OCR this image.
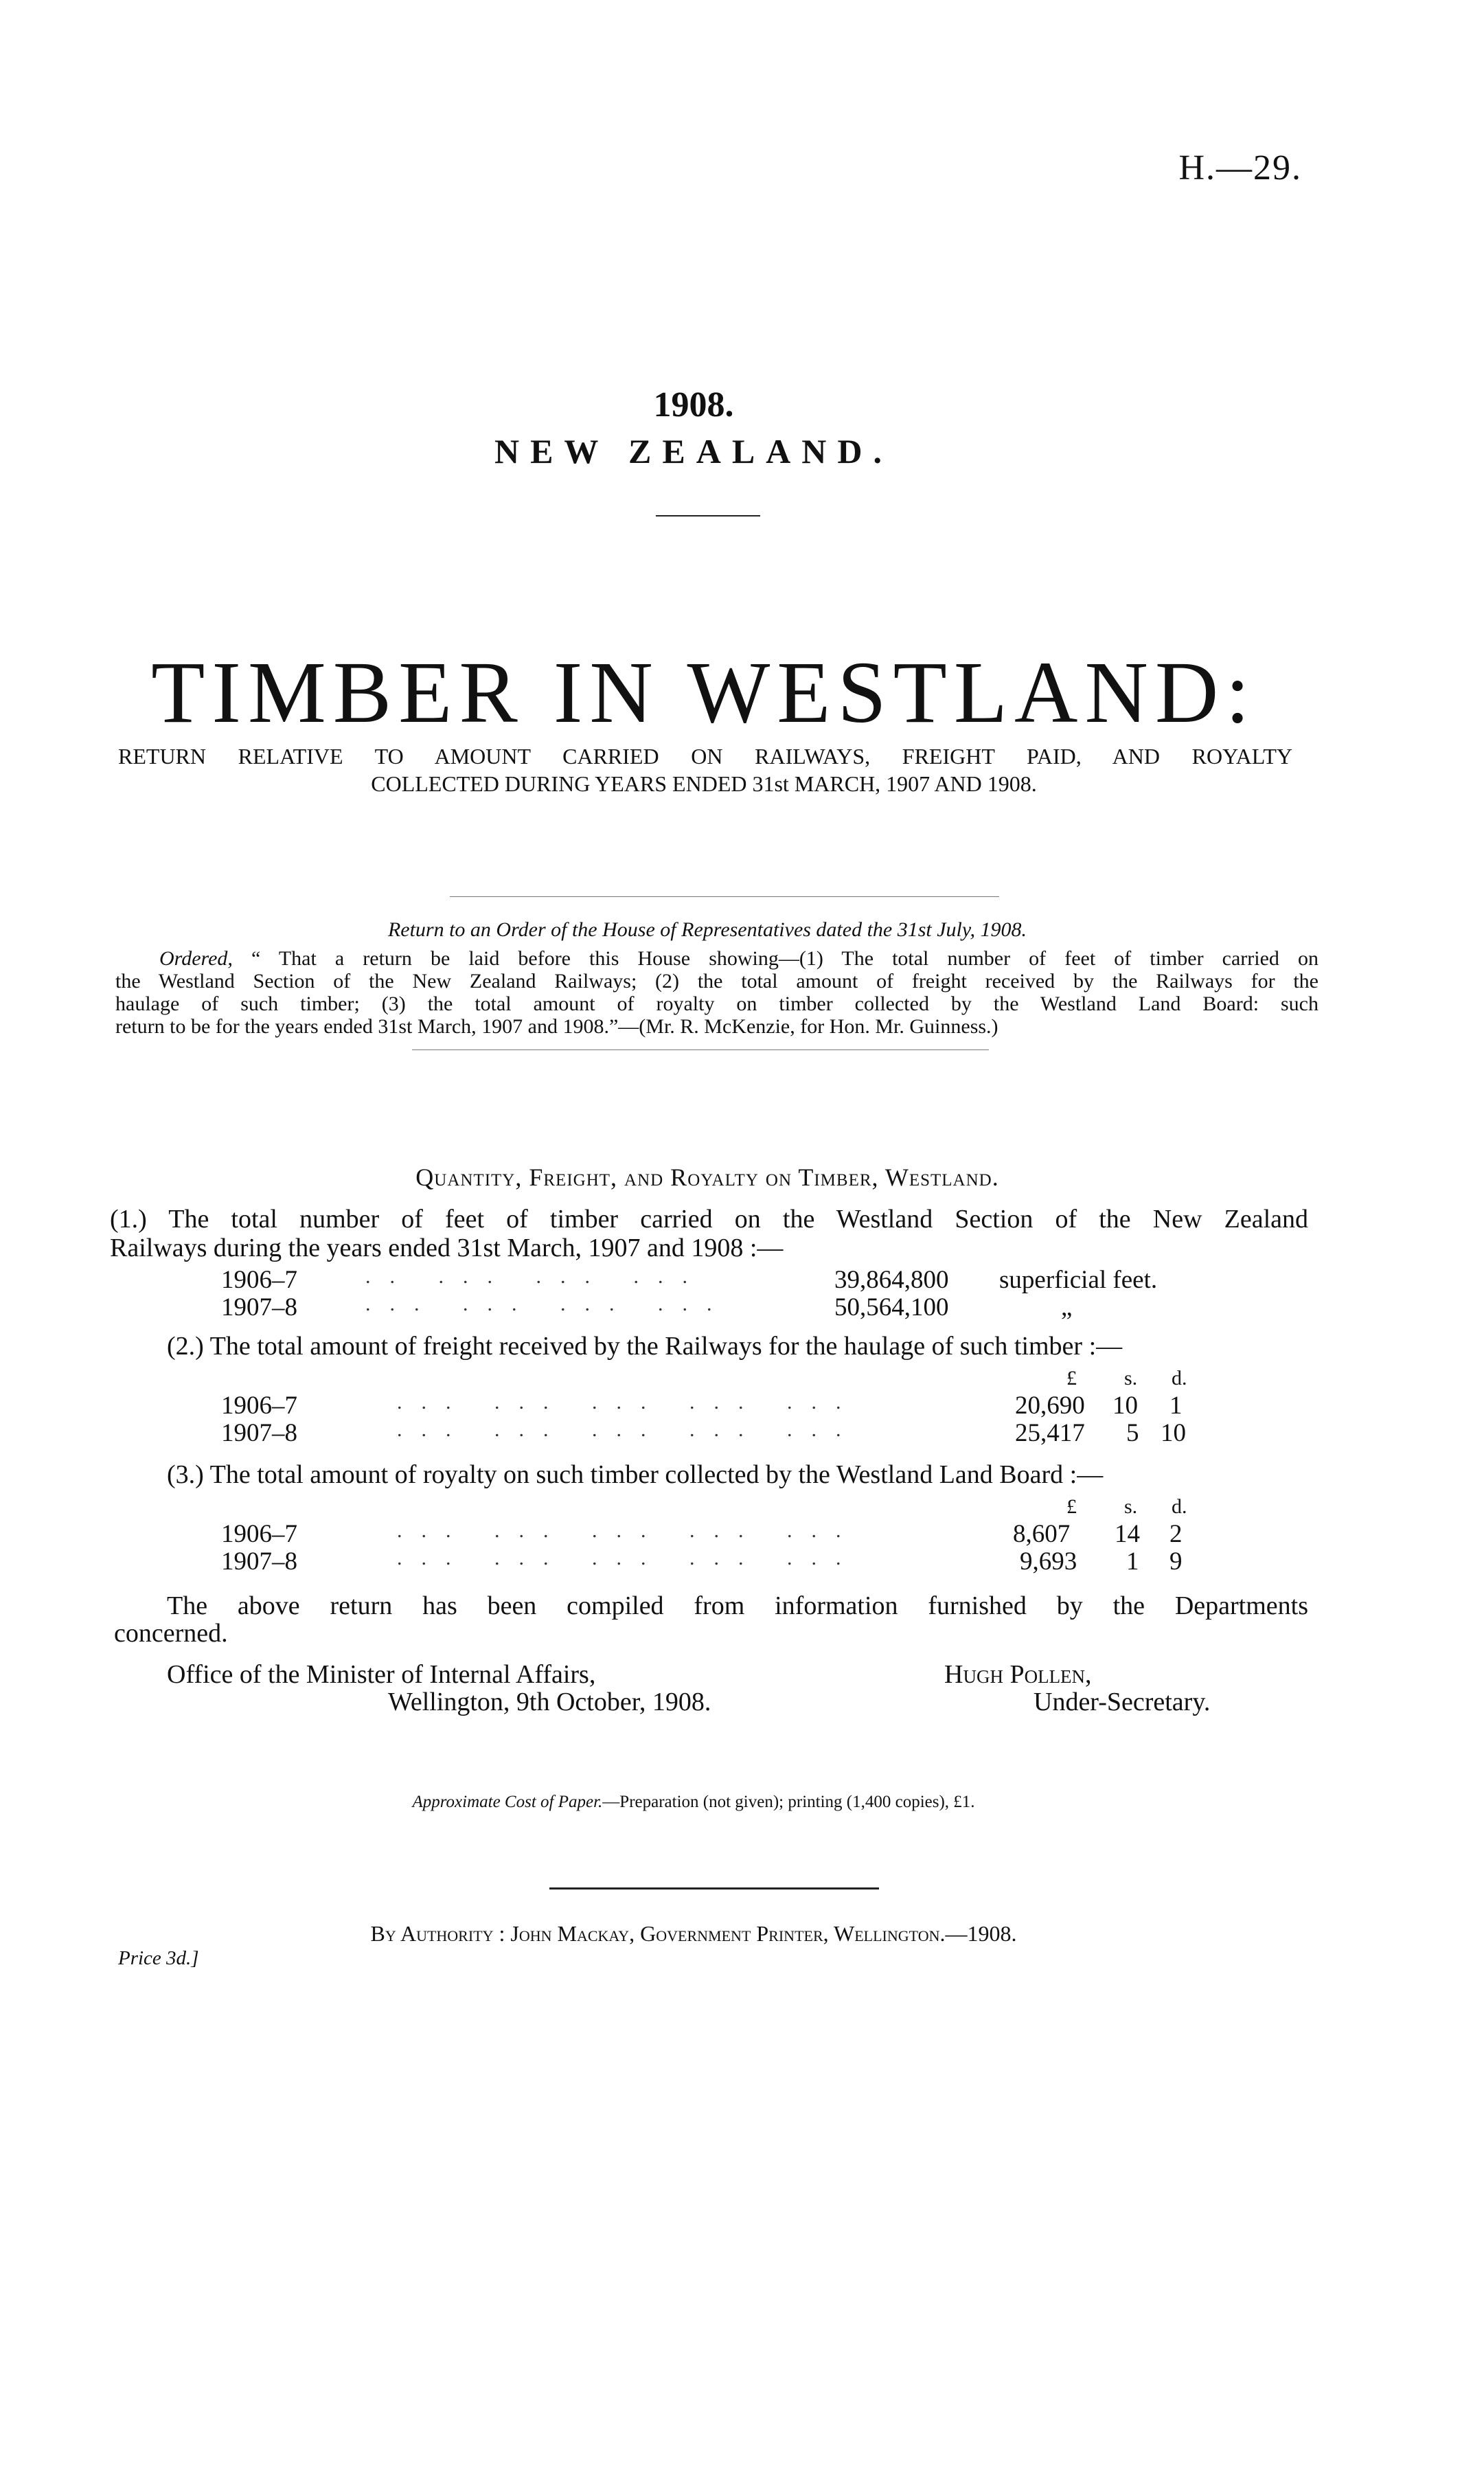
H.—29.
1908.
NEW ZEALAND.
TIMBER IN WESTLAND:
RETURN RELATIVE TO AMOUNT CARRIED ON RAILWAYS, FREIGHT PAID, AND ROYALTY
COLLECTED DURING YEARS ENDED 31st MARCH, 1907 AND 1908.
Return to an Order of the House of Representatives dated the 31st July, 1908.
Ordered, “ That a return be laid before this House showing—(1) The total number of feet of timber carried on
the Westland Section of the New Zealand Railways; (2) the total amount of freight received by the Railways for the
haulage of such timber; (3) the total amount of royalty on timber collected by the Westland Land Board: such
return to be for the years ended 31st March, 1907 and 1908.”—(Mr. R. McKenzie, for Hon. Mr. Guinness.)
Quantity, Freight, and Royalty on Timber, Westland.
(1.) The total number of feet of timber carried on the Westland Section of the New Zealand
Railways during the years ended 31st March, 1907 and 1908 :—
1906–7	.. ... ... ...	39,864,800 superficial feet.
1907–8	... ... ... ...	50,564,100	„
(2.) The total amount of freight received by the Railways for the haulage of such timber :—
£ s. d.
1906–7	... ... ... ... ...	20,690 10 1
1907–8	... ... ... ... ...	25,417 5 10
(3.) The total amount of royalty on such timber collected by the Westland Land Board :—
£ s. d.
1906–7	... ... ... ... ...	8,607 14 2
1907–8	... ... ... ... ...	9,693 1 9
The above return has been compiled from information furnished by the Departments
concerned.
Office of the Minister of Internal Affairs,
Wellington, 9th October, 1908.
Hugh Pollen,
Under-Secretary.
Approximate Cost of Paper.—Preparation (not given); printing (1,400 copies), £1.
By Authority : John Mackay, Government Printer, Wellington.—1908.
Price 3d.]
